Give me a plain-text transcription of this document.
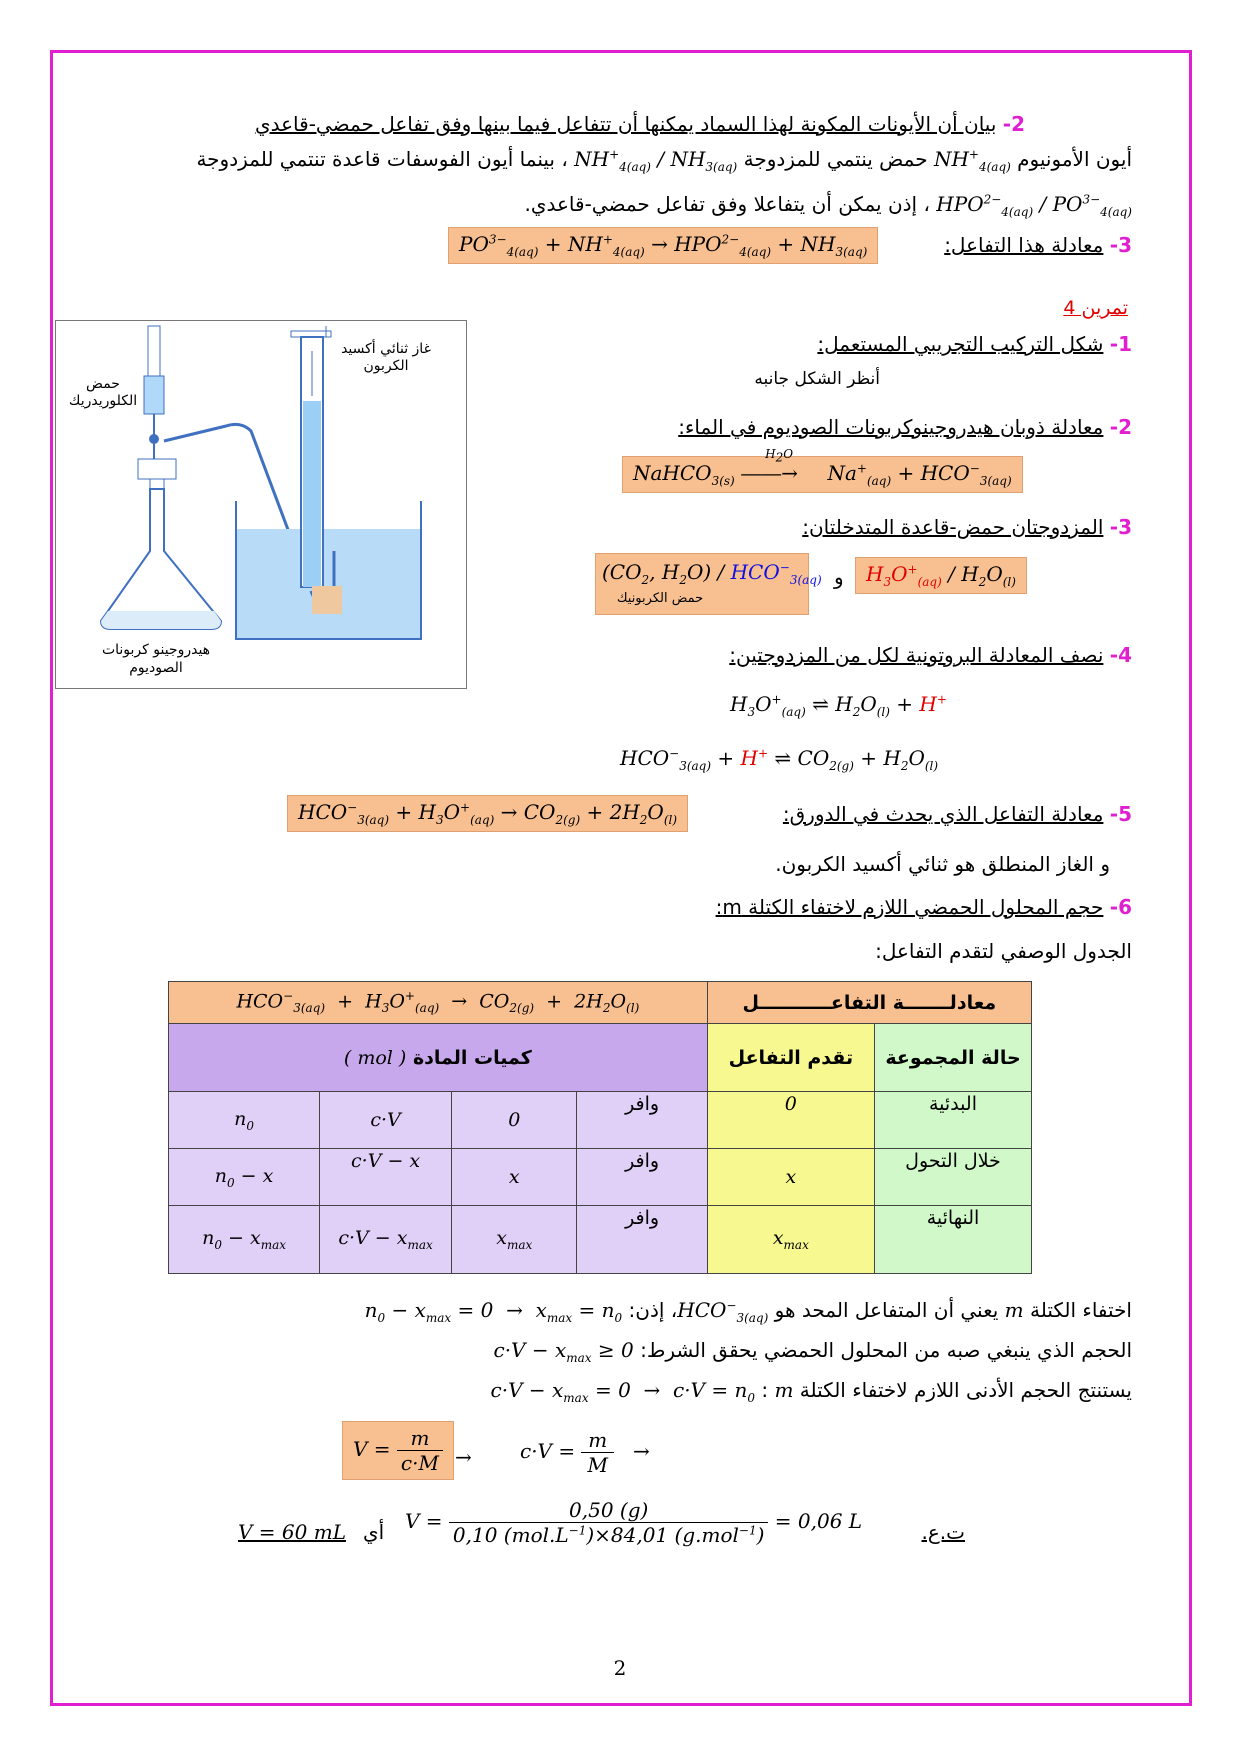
2- بيان أن الأيونات المكونة لهذا السماد يمكنها أن تتفاعل فيما بينها وفق تفاعل حمضي-قاعدي
أيون الأمونيوم $NH^+_{4(aq)}$ حمض ينتمي للمزدوجة $NH^+_{4(aq)} / NH_{3(aq)}$ ، بينما أيون الفوسفات قاعدة تنتمي للمزدوجة
$HPO^{2-}_{4(aq)} / PO^{3-}_{4(aq)}$ ، إذن يمكن أن يتفاعلا وفق تفاعل حمضي-قاعدي.
3- معادلة هذا التفاعل:
$PO^{3-}_{4(aq)} + NH^+_{4(aq)} \to HPO^{2-}_{4(aq)} + NH_{3(aq)}$
تمرين 4
حمض الكلوريدريك
غاز ثنائي أكسيد الكربون
هيدروجينو كربونات الصوديوم
1- شكل التركيب التجريبي المستعمل:
أنظر الشكل جانبه
2- معادلة ذوبان هيدروجينوكربونات الصوديوم في الماء:
NaHCO$_{3(s)}$ ――→
$H_2O$
$Na^+_{(aq)} + HCO^-_{3(aq)}$
3- المزدوجتان حمض-قاعدة المتدخلتان:
$H_3O^+_{(aq)} / H_2O_{(l)}$
و
($CO_2$, $H_2O) / HCO^-_{3(aq)}$
حمض الكربونيك
4- نصف المعادلة البروتونية لكل من المزدوجتين:
$H_3O^+_{(aq)}$ ⇌ $H_2O_{(l)} + H^+$
$HCO^-_{3(aq)} + H^+$ ⇌ $CO_{2(g)} + H_2O_{(l)}$
5- معادلة التفاعل الذي يحدث في الدورق:
$HCO^-_{3(aq)} + H_3O^+_{(aq)} \to CO_{2(g)} + 2H_2O_{(l)}$
و الغاز المنطلق هو ثنائي أكسيد الكربون.
6- حجم المحلول الحمضي اللازم لاختفاء الكتلة m:
الجدول الوصفي لتقدم التفاعل:
$HCO^-_{3(aq)} + H_3O^+_{(aq)} \to CO_{2(g)} + 2H_2O_{(l)}$				معادلـــــــة التفاعـــــــــــل	
كميات المادة ( mol )				تقدم التفاعل	حالة المجموعة
$n_0$	c·V	0	وافر	0	البدئية
$n_0 - x$	c·V − x	x	وافر	x	خلال التحول
$n_0 - x_{max}$	$c\cdot V - x_{max}$	$x_{max}$	وافر	$x_{max}$	النهائية
اختفاء الكتلة m يعني أن المتفاعل المحد هو $HCO^-_{3(aq)}،$ إذن: $n_0 - x_{max} = 0 \to x_{max} = n_0$
الحجم الذي ينبغي صبه من المحلول الحمضي يحقق الشرط: $c\cdot V - x_{max} \ge 0$
يستنتج الحجم الأدنى اللازم لاختفاء الكتلة m : $c\cdot V - x_{max} = 0 \to c\cdot V = n_0$
$c\cdot V = \frac{m}{M}$ →
→
$V = \frac{m}{c\cdot M}$
ت.ع.
$V = \frac{0,50 (g)}{0,10 (mol.L^{-1})\times 84,01 (g.mol^{-1})} = 0,06$ L
أي
V = 60 mL
2
